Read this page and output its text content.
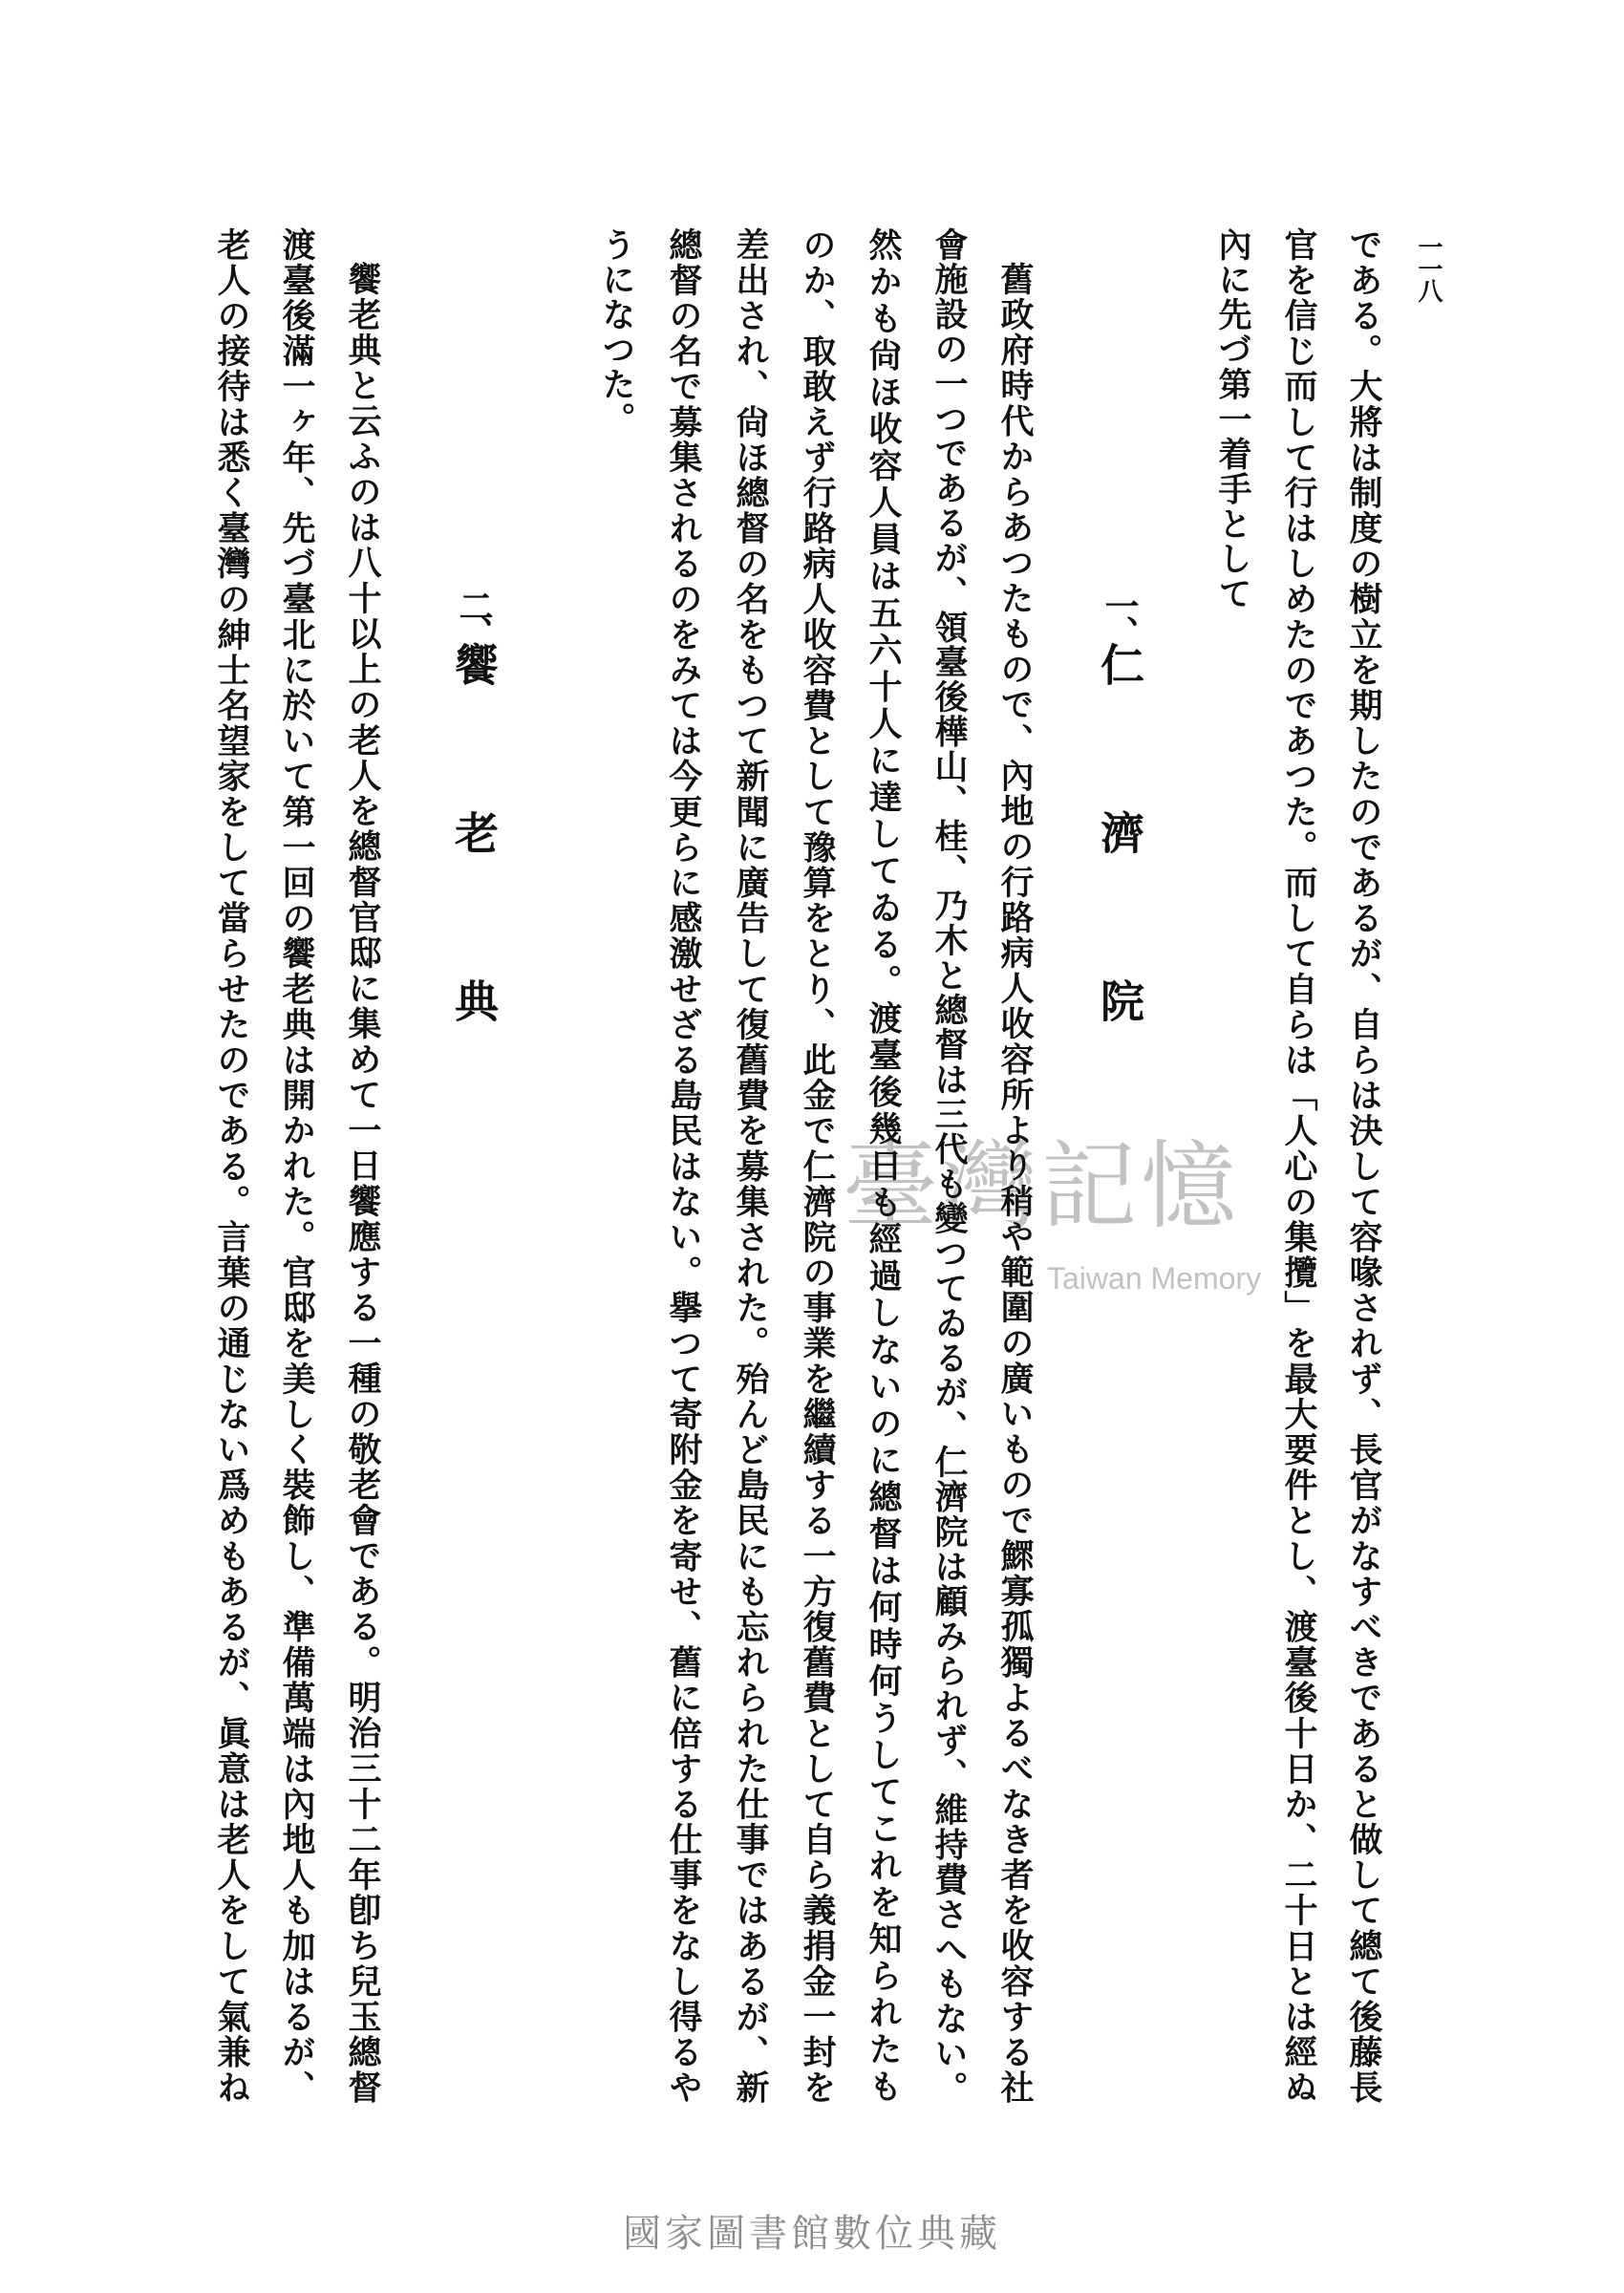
一一八
である。大將は制度の樹立を期したのであるが、自らは決して容喙されず、長官がなすべきであると做して總て後藤長
官を信じ而して行はしめたのであつた。而して自らは「人心の集攬」を最大要件とし、渡臺後十日か、二十日とは經ぬ
內に先づ第一着手として
一、
仁　濟　院
舊政府時代からあつたもので、內地の行路病人收容所より稍や範圍の廣いもので鰥寡孤獨よるべなき者を收容する社
會施設の一つであるが、領臺後樺山、桂、乃木と總督は三代も變つてゐるが、仁濟院は顧みられず、維持費さへもない。
然かも尙ほ收容人員は五六十人に達してゐる。渡臺後幾日も經過しないのに總督は何時何うしてこれを知られたも
のか、取敢えず行路病人收容費として豫算をとり、此金で仁濟院の事業を繼續する一方復舊費として自ら義捐金一封を
差出され、尙ほ總督の名をもつて新聞に廣告して復舊費を募集された。殆んど島民にも忘れられた仕事ではあるが、新
總督の名で募集されるのをみては今更らに感激せざる島民はない。擧つて寄附金を寄せ、舊に倍する仕事をなし得るや
うになつた。
二、
饗　老　典
饗老典と云ふのは八十以上の老人を總督官邸に集めて一日饗應する一種の敬老會である。明治三十二年卽ち兒玉總督
渡臺後滿一ヶ年、先づ臺北に於いて第一回の饗老典は開かれた。官邸を美しく裝飾し、準備萬端は內地人も加はるが、
老人の接待は悉く臺灣の紳士名望家をして當らせたのである。言葉の通じない爲めもあるが、眞意は老人をして氣兼ね	臺灣記憶
Taiwan Memory
國家圖書館數位典藏
